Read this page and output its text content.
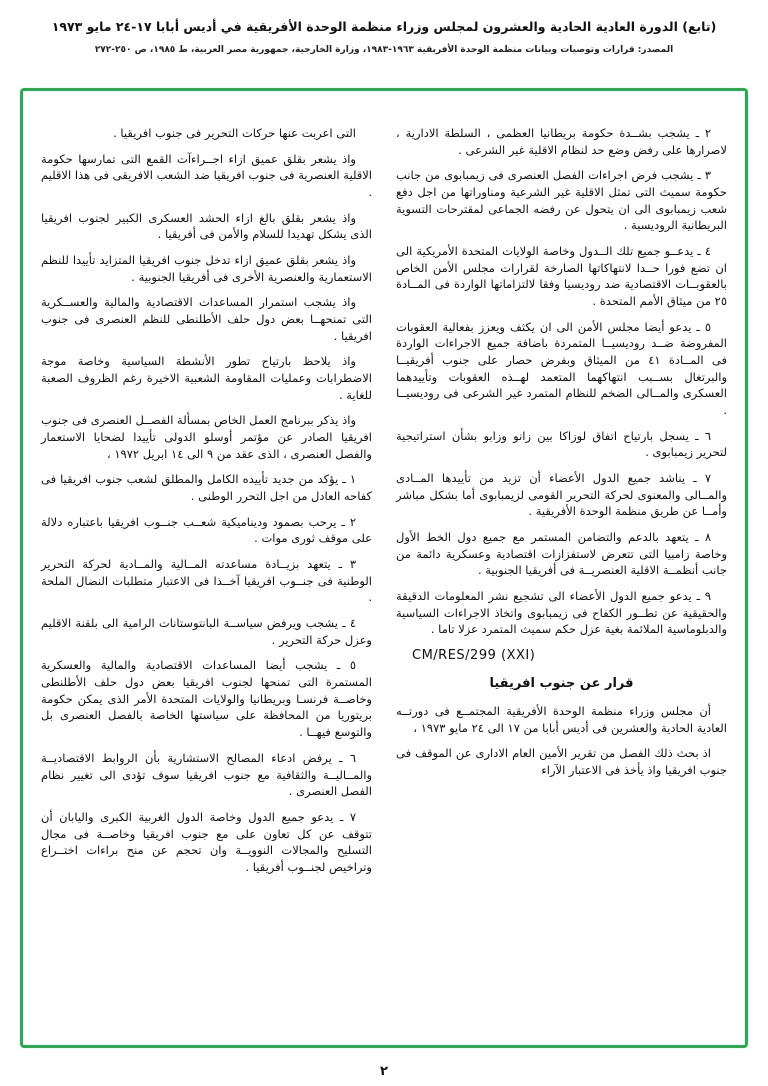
(تابع) الدورة العادية الحادية والعشرون لمجلس وزراء منظمة الوحدة الأفريقية في أديس أبابا ١٧-٢٤ مايو ١٩٧٣
المصدر: قرارات وتوصيات وبيانات منظمة الوحدة الأفريقية ١٩٦٣-١٩٨٣، وزارة الخارجية، جمهورية مصر العربية، ط ١٩٨٥، ص ٢٥٠-٢٧٢

٢ ـ يشجب بشــدة حكومة بريطانيا العظمى ، السلطة الادارية ، لاصرارها على رفض وضع حد لنظام الاقلية غير الشرعى .

٣ ـ يشجب فرض اجراءات الفصل العنصرى فى زيمبابوى من جانب حكومة سميث التى تمثل الاقلية غير الشرعية ومناوراتها من اجل دفع شعب زيمبابوى الى ان يتحول عن رفضه الجماعى لمقترحات التسوية البريطانية الروديسية .

٤ ـ يدعــو جميع تلك الــدول وخاصة الولايات المتحدة الأمريكية الى ان تضع فورا حــدا لانتهاكاتها الصارخة لقرارات مجلس الأمن الخاص بالعقوبــات الاقتصادية ضد روديسيا وفقا لالتزاماتها الواردة فى المــادة ٢٥ من ميثاق الأمم المتحدة .

٥ ـ يدعو أيضا مجلس الأمن الى ان يكثف ويعزز بفعالية العقوبات المفروضة ضــد روديسيــا المتمردة باضافة جميع الاجراءات الواردة فى المــادة ٤١ من الميثاق وبفرض حصار على جنوب أفريقيــا والبرتغال بســبب انتهاكهما المتعمد لهــذه العقوبات وتأييدهما العسكرى والمــالى الضخم للنظام المتمرد غير الشرعى فى روديسيــا .

٦ ـ يسجل بارتياح اتفاق لوزاكا بين زانو وزابو بشأن استراتيجية لتحرير زيمبابوى .

٧ ـ يناشد جميع الدول الأعضاء أن تزيد من تأييدها المــادى والمــالى والمعنوى لحركة التحرير القومى لزيمبابوى أما بشكل مباشر وأمــا عن طريق منظمة الوحدة الأفريقية .

٨ ـ يتعهد بالدعم والتضامن المستمر مع جميع دول الخط الأول وخاصة زامبيا التى تتعرض لاستفزازات اقتصادية وعسكرية دائمة من جانب أنظمــة الاقلية العنصريــة فى أفريقيا الجنوبية .

٩ ـ يدعو جميع الدول الأعضاء الى تشجيع نشر المعلومات الدقيقة والحقيقية عن تطــور الكفاح فى زيمبابوى واتخاذ الاجراءات السياسية والدبلوماسية الملائمة بغية عزل حكم سميث المتمرد عزلا تاما .

CM/RES/299 (XXI)

قرار عن جنوب افريقيا

أن مجلس وزراء منظمة الوحدة الأفريقية المجتمــع فى دورتــه العادية الحادية والعشرين فى أديس أبابا من ١٧ الى ٢٤ مايو ١٩٧٣ ،

اذ بحث ذلك الفصل من تقرير الأمين العام الادارى عن الموقف فى جنوب افريقيا واذ يأخذ فى الاعتبار الآراء

التى اعربت عنها حركات التحرير فى جنوب افريقيا .

واذ يشعر بقلق عميق ازاء اجــراءآت القمع التى تمارسها حكومة الاقلية العنصرية فى جنوب افريقيا ضد الشعب الافريقى فى هذا الاقليم .

واذ يشعر بقلق بالغ ازاء الحشد العسكرى الكبير لجنوب افريقيا الذى يشكل تهديدا للسلام والأمن فى أفريقيا .

واذ يشعر بقلق عميق ازاء تدخل جنوب افريقيا المتزايد تأييدا للنظم الاستعمارية والعنصرية الأخرى فى أفريقيا الجنوبية .

واذ يشجب استمرار المساعدات الاقتصادية والمالية والعســكرية التى تمنحهــا بعض دول حلف الأطلنطى للنظم العنصرى فى جنوب افريقيا .

واذ يلاحظ بارتياح تطور الأنشطة السياسية وخاصة موجة الاضطرابات وعمليات المقاومة الشعبية الاخيرة رغم الظروف الصعبة للغاية .

واذ يذكر ببرنامج العمل الخاص بمسألة الفصــل العنصرى فى جنوب افريقيا الصادر عن مؤتمر أوسلو الدولى تأييدا لضحايا الاستعمار والفصل العنصرى ، الذى عقد من ٩ الى ١٤ ابريل ١٩٧٢ ،

١ ـ يؤكد من جديد تأييده الكامل والمطلق لشعب جنوب افريقيا فى كفاحه العادل من اجل التحرر الوطنى .

٢ ـ يرحب بصمود وديناميكية شعــب جنــوب افريقيا باعتباره دلالة على موقف ثورى موات .

٣ ـ يتعهد بزيــادة مساعدته المــالية والمــادية لحركة التحرير الوطنية فى جنــوب افريقيا آخــذا فى الاعتبار متطلبات النضال الملحة .

٤ ـ يشجب ويرفض سياســة البانتوستانات الرامية الى بلقنة الاقليم وعزل حركة التحرير .

٥ ـ يشجب أيضا المساعدات الاقتصادية والمالية والعسكرية المستمرة التى تمنحها لجنوب افريقيا بعض دول حلف الأطلنطى وخاصــة فرنسـا وبريطانيا والولايات المتحدة الأمر الذى يمكن حكومة بريتوريا من المحافظة على سياستها الخاصة بالفصل العنصرى بل والتوسع فيهــا .

٦ ـ يرفض ادعاء المصالح الاستشارية بأن الروابط الاقتصاديــة والمــاليــة والثقافية مع جنوب افريقيا سوف تؤدى الى تغيير نظام الفصل العنصرى .

٧ ـ يدعو جميع الدول وخاصة الدول الغربية الكبرى واليابان أن تتوقف عن كل تعاون على مع جنوب افريقيا وخاصــة فى مجال التسليح والمجالات النوويــة وان تحجم عن منح براءات اختــراع وتراخيص لجنــوب أفريقيا .

٢
